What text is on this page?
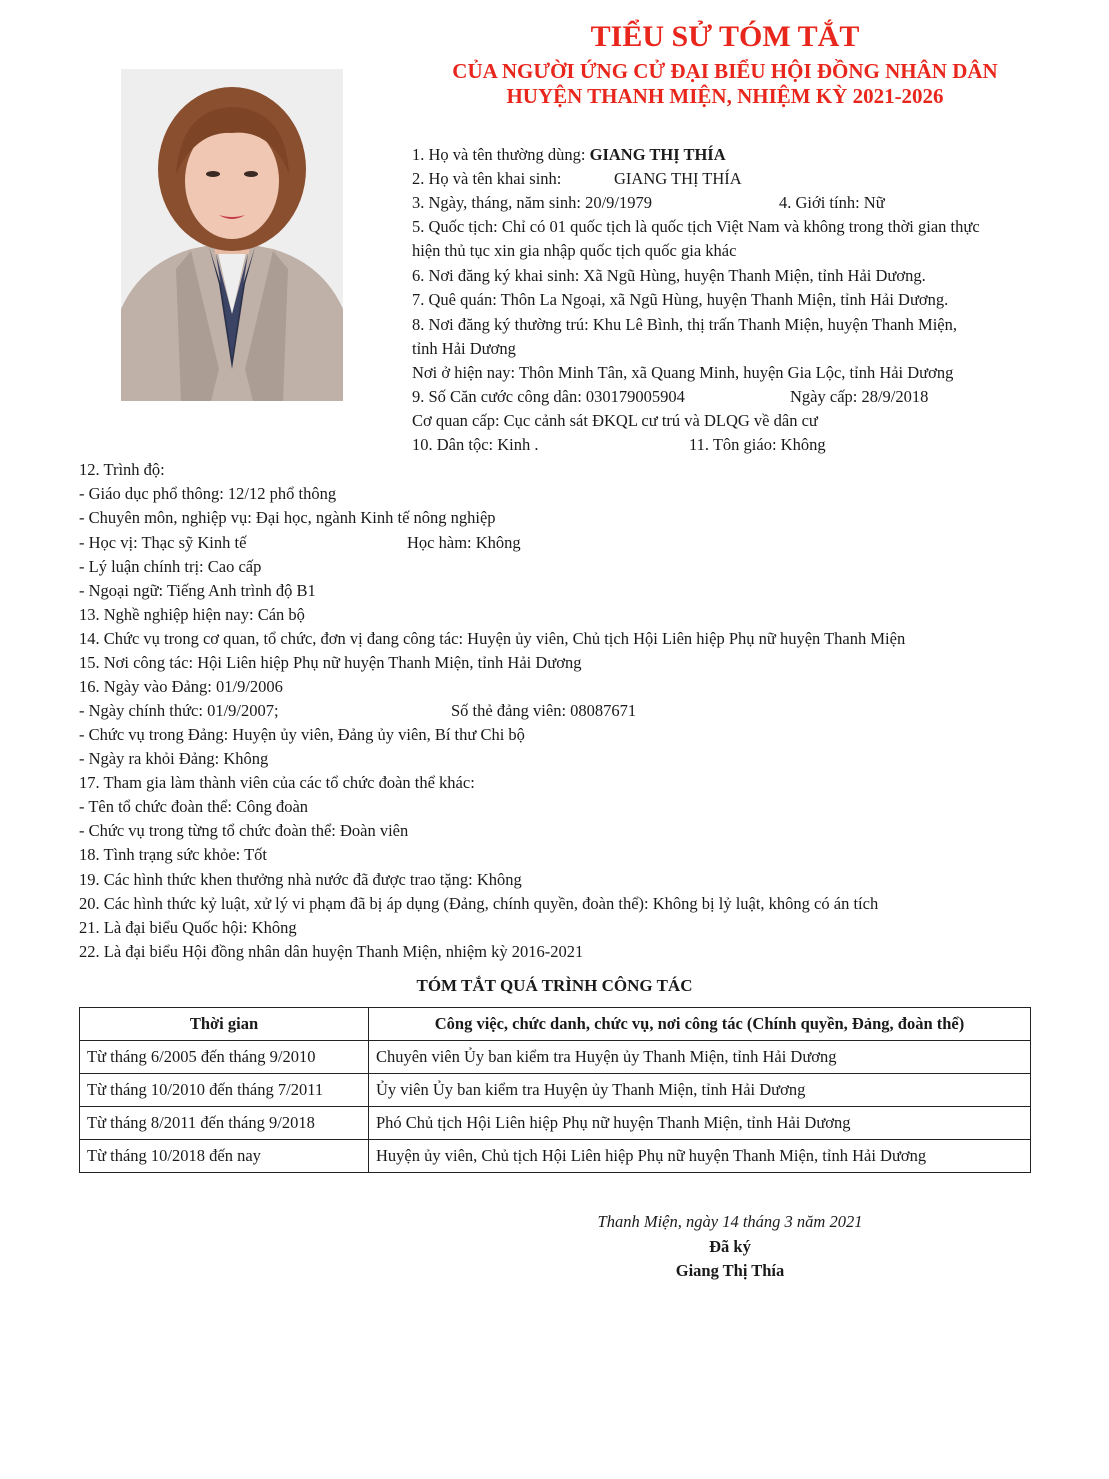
TIỂU SỬ TÓM TẮT
CỦA NGƯỜI ỨNG CỬ ĐẠI BIỂU HỘI ĐỒNG NHÂN DÂN
HUYỆN THANH MIỆN, NHIỆM KỲ 2021-2026
1. Họ và tên thường dùng: GIANG THỊ THÍA
2. Họ và tên khai sinh:	GIANG THỊ THÍA
3. Ngày, tháng, năm sinh: 20/9/1979	4. Giới tính: Nữ
5. Quốc tịch: Chỉ có 01 quốc tịch là quốc tịch Việt Nam và không trong thời gian thực
hiện thủ tục xin gia nhập quốc tịch quốc gia khác
6. Nơi đăng ký khai sinh: Xã Ngũ Hùng, huyện Thanh Miện, tỉnh Hải Dương.
7. Quê quán: Thôn La Ngoại, xã Ngũ Hùng, huyện Thanh Miện, tỉnh Hải Dương.
8. Nơi đăng ký thường trú: Khu Lê Bình, thị trấn Thanh Miện, huyện Thanh Miện,
tỉnh Hải Dương
Nơi ở hiện nay: Thôn Minh Tân, xã Quang Minh, huyện Gia Lộc, tỉnh Hải Dương
9. Số Căn cước công dân: 030179005904	Ngày cấp: 28/9/2018
Cơ quan cấp: Cục cảnh sát ĐKQL cư trú và DLQG về dân cư
10. Dân tộc: Kinh .	11. Tôn giáo: Không
12. Trình độ:
- Giáo dục phổ thông: 12/12 phổ thông
- Chuyên môn, nghiệp vụ: Đại học, ngành Kinh tế nông nghiệp
- Học vị: Thạc sỹ Kinh tế	Học hàm: Không
- Lý luận chính trị: Cao cấp
- Ngoại ngữ: Tiếng Anh trình độ B1
13. Nghề nghiệp hiện nay: Cán bộ
14. Chức vụ trong cơ quan, tổ chức, đơn vị đang công tác: Huyện ủy viên, Chủ tịch Hội Liên hiệp Phụ nữ huyện Thanh Miện
15. Nơi công tác: Hội Liên hiệp Phụ nữ huyện Thanh Miện, tỉnh Hải Dương
16. Ngày vào Đảng: 01/9/2006
- Ngày chính thức: 01/9/2007;	Số thẻ đảng viên: 08087671
- Chức vụ trong Đảng: Huyện ủy viên, Đảng ủy viên, Bí thư Chi bộ
- Ngày ra khỏi Đảng: Không
17. Tham gia làm thành viên của các tổ chức đoàn thể khác:
- Tên tổ chức đoàn thể: Công đoàn
- Chức vụ trong từng tổ chức đoàn thể: Đoàn viên
18. Tình trạng sức khỏe: Tốt
19. Các hình thức khen thưởng nhà nước đã được trao tặng: Không
20. Các hình thức kỷ luật, xử lý vi phạm đã bị áp dụng (Đảng, chính quyền, đoàn thể): Không bị lỷ luật, không có án tích
21. Là đại biểu Quốc hội: Không
22. Là đại biểu Hội đồng nhân dân huyện Thanh Miện, nhiệm kỳ 2016-2021
TÓM TẮT QUÁ TRÌNH CÔNG TÁC
Thời gian	Công việc, chức danh, chức vụ, nơi công tác (Chính quyền, Đảng, đoàn thể)
Từ tháng 6/2005 đến tháng 9/2010	Chuyên viên Ủy ban kiểm tra Huyện ủy Thanh Miện, tỉnh Hải Dương
Từ tháng 10/2010 đến tháng 7/2011	Ủy viên Ủy ban kiểm tra Huyện ủy Thanh Miện, tỉnh Hải Dương
Từ tháng 8/2011 đến tháng 9/2018	Phó Chủ tịch Hội Liên hiệp Phụ nữ huyện Thanh Miện, tỉnh Hải Dương
Từ tháng 10/2018 đến nay	Huyện ủy viên, Chủ tịch Hội Liên hiệp Phụ nữ huyện Thanh Miện, tỉnh Hải Dương
Thanh Miện, ngày 14 tháng 3 năm 2021
Đã ký
Giang Thị Thía
